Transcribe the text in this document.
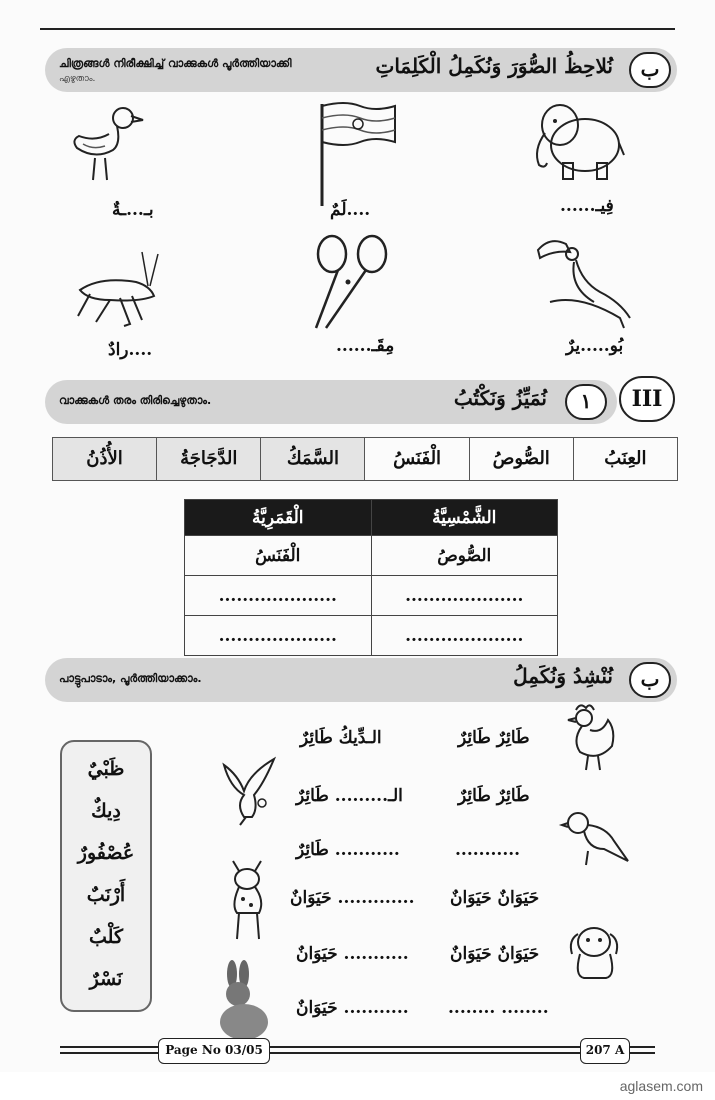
ചിത്രങ്ങൾ നിരീക്ഷിച്ച് വാക്കുകൾ പൂർത്തിയാക്കി
എഴുതാം.
نُلاحِظُ الصُّوَرَ وَنُكَمِلُ الْكَلِمَاتِ	ب
فِيـ......
....لَمٌ
بـ...ـةٌ
بُو.....يرٌ
مِقَـ......
....رادٌ
വാക്കുകൾ തരം തിരിച്ചെഴുതാം.	نُمَيِّزُ وَنَكْتُبُ	١	III
العِنَبُ
الصُّوصُ
الْفَنَسُ
السَّمَكُ
الدَّجَاجَةُ
الأُذُنُ
الْقَمَرِيَّةُ	الشَّمْسِيَّةُ
الْفَنَسُ	الصُّوصُ
....................	....................
....................	....................
പാട്ടുപാടാം, പൂർത്തിയാക്കാം.	نُنْشِدُ وَنُكَمِلُ	ب
ظَبْيٌ
دِيكٌ
عُصْفُورٌ
أَرْنَبٌ
كَلْبٌ
نَسْرٌ
طَائِرٌ طَائِرٌ
الـدِّيكُ طَائِرٌ
طَائِرٌ طَائِرٌ
الـ......... طَائِرٌ
...........
........... طَائِرٌ
حَيَوَانٌ حَيَوَانٌ
............. حَيَوَانٌ
حَيَوَانٌ حَيَوَانٌ
........... حَيَوَانٌ
........ ........
........... حَيَوَانٌ
Page No 03/05	207 A
aglasem.com
